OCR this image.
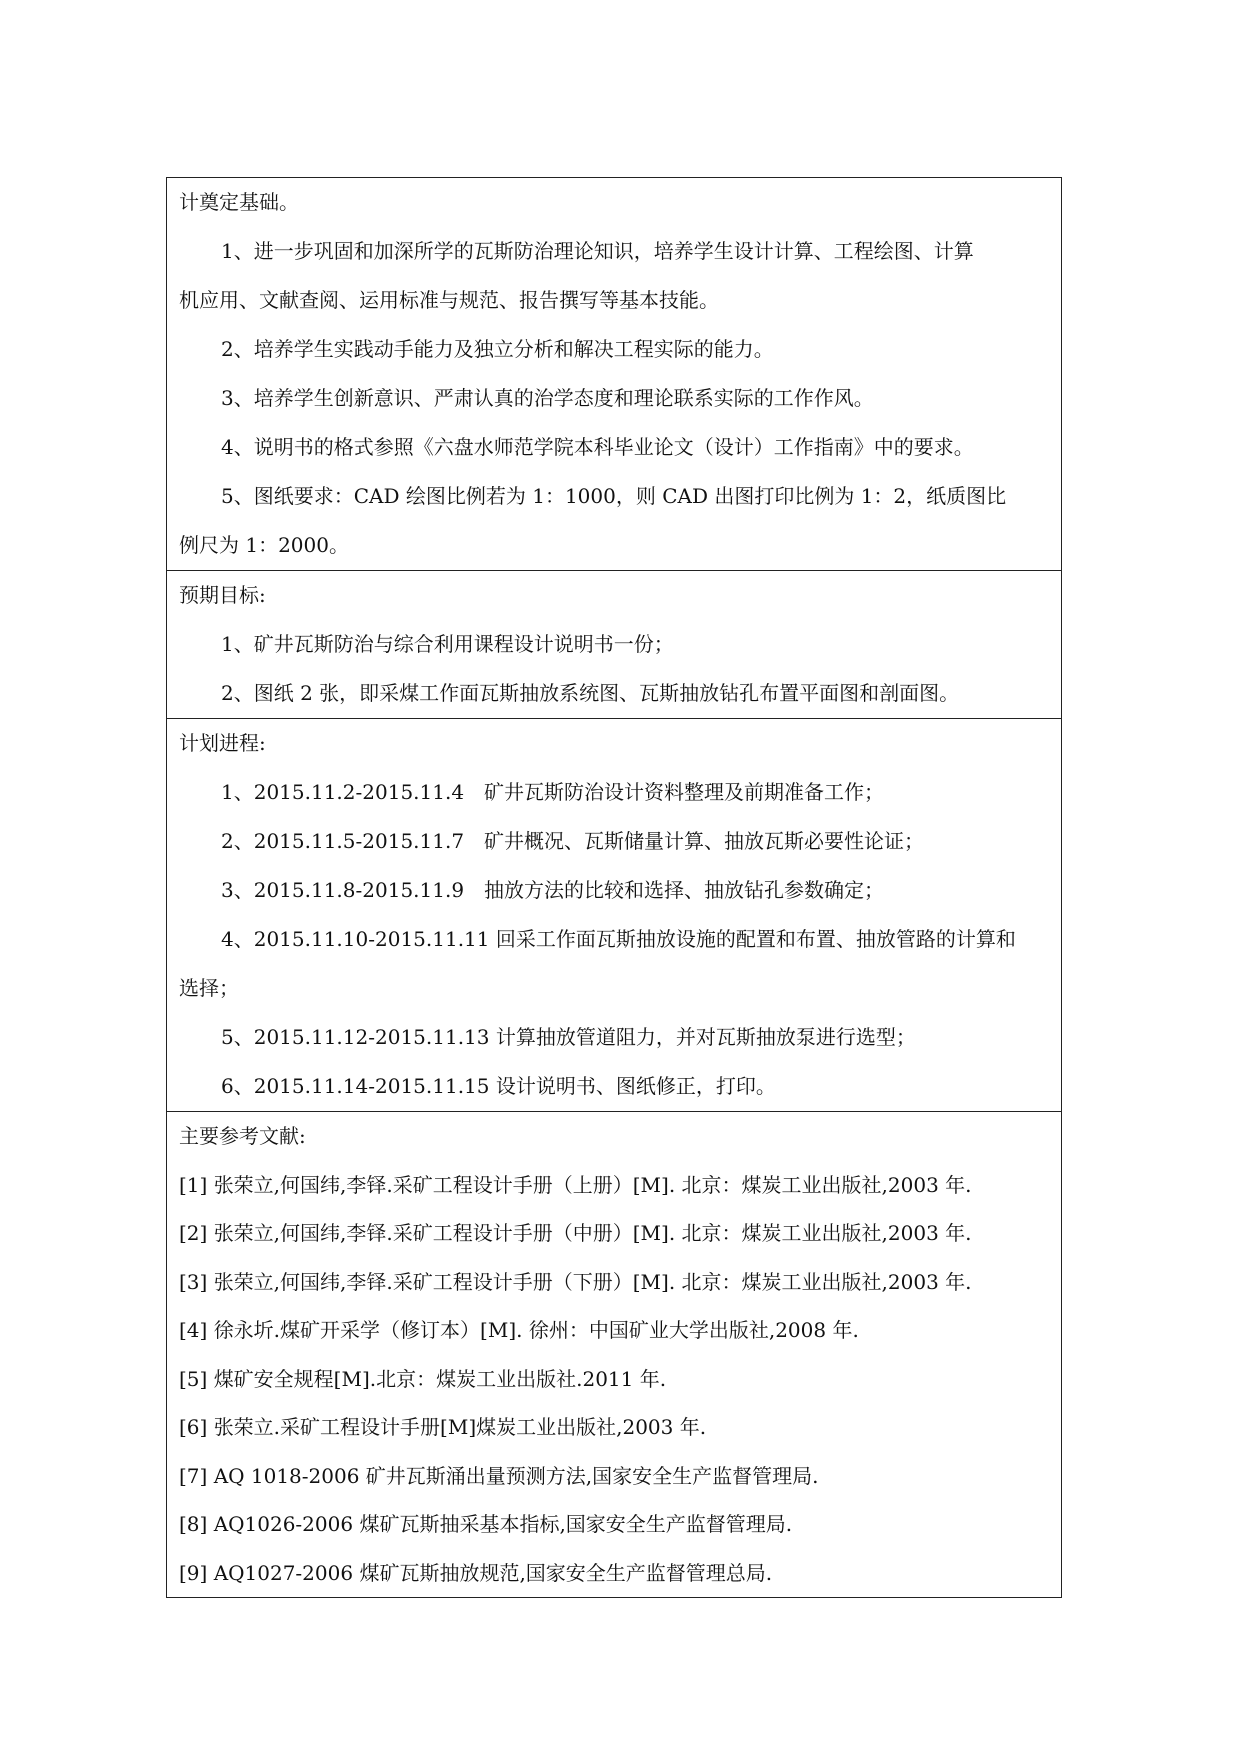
计奠定基础。
1、进一步巩固和加深所学的瓦斯防治理论知识，培养学生设计计算、工程绘图、计算
机应用、文献查阅、运用标准与规范、报告撰写等基本技能。
2、培养学生实践动手能力及独立分析和解决工程实际的能力。
3、培养学生创新意识、严肃认真的治学态度和理论联系实际的工作作风。
4、说明书的格式参照《六盘水师范学院本科毕业论文（设计）工作指南》中的要求。
5、图纸要求：CAD 绘图比例若为 1：1000，则 CAD 出图打印比例为 1：2，纸质图比
例尺为 1：2000。
预期目标:
1、矿井瓦斯防治与综合利用课程设计说明书一份；
2、图纸 2 张，即采煤工作面瓦斯抽放系统图、瓦斯抽放钻孔布置平面图和剖面图。
计划进程:
1、2015.11.2-2015.11.4　矿井瓦斯防治设计资料整理及前期准备工作；
2、2015.11.5-2015.11.7　矿井概况、瓦斯储量计算、抽放瓦斯必要性论证；
3、2015.11.8-2015.11.9　抽放方法的比较和选择、抽放钻孔参数确定；
4、2015.11.10-2015.11.11 回采工作面瓦斯抽放设施的配置和布置、抽放管路的计算和
选择；
5、2015.11.12-2015.11.13 计算抽放管道阻力，并对瓦斯抽放泵进行选型；
6、2015.11.14-2015.11.15 设计说明书、图纸修正，打印。
主要参考文献:
[1] 张荣立,何国纬,李铎.采矿工程设计手册（上册）[M]. 北京：煤炭工业出版社,2003 年.
[2] 张荣立,何国纬,李铎.采矿工程设计手册（中册）[M]. 北京：煤炭工业出版社,2003 年.
[3] 张荣立,何国纬,李铎.采矿工程设计手册（下册）[M]. 北京：煤炭工业出版社,2003 年.
[4] 徐永圻.煤矿开采学（修订本）[M]. 徐州：中国矿业大学出版社,2008 年.
[5] 煤矿安全规程[M].北京：煤炭工业出版社.2011 年.
[6] 张荣立.采矿工程设计手册[M]煤炭工业出版社,2003 年.
[7] AQ 1018-2006 矿井瓦斯涌出量预测方法,国家安全生产监督管理局.
[8] AQ1026-2006 煤矿瓦斯抽采基本指标,国家安全生产监督管理局.
[9] AQ1027-2006 煤矿瓦斯抽放规范,国家安全生产监督管理总局.
